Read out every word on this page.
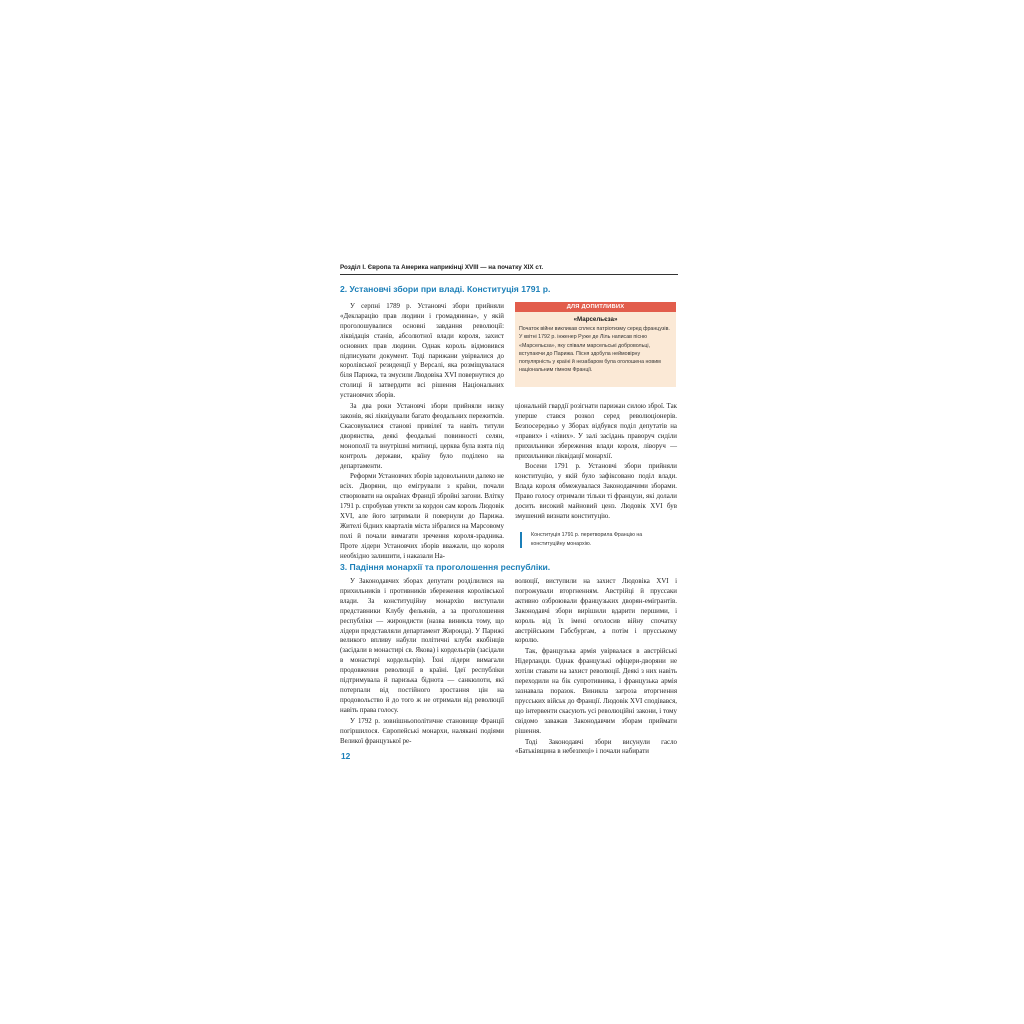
Розділ І. Європа та Америка наприкінці XVIII — на початку ХІХ ст.
2. Установчі збори при владі. Конституція 1791 р.

У серпні 1789 р. Установчі збори прийняли «Декларацію прав людини і громадянина», у якій проголошувалися основні завдання революції: ліквідація станів, абсолютної влади короля, захист основних прав людини. Однак король відмовився підписувати документ. Тоді парижани увірвалися до королівської резиденції у Версалі, яка розміщувалася біля Парижа, та змусили Людовіка XVI повернутися до столиці й затвердити всі рішення Національних установчих зборів.

За два роки Установчі збори прийняли низку законів, які ліквідували багато феодальних пережитків. Скасовувалися станові привілеї та навіть титули дворянства, деякі феодальні повинності селян, монополії та внутрішні митниці, церква була взята під контроль держави, країну було поділено на департаменти.

Реформи Установчих зборів задовольнили далеко не всіх. Дворяни, що емігрували з країни, почали створювати на окраїнах Франції збройні загони. Влітку 1791 р. спробував утекти за кордон сам король Людовік XVI, але його затримали й повернули до Парижа. Жителі бідних кварталів міста зібралися на Марсовому полі й почали вимагати зречення короля-зрадника. Проте лідери Установчих зборів вважали, що короля необхідно залишити, і наказали На-

ДЛЯ ДОПИТЛИВИХ
«Марсельєза»
Початок війни викликав сплеск патріотизму серед французів. У квітні 1792 р. інженер Руже де Ліль написав пісню «Марсельєза», яку співали марсельські добровольці, вступаючи до Парижа. Пісня здобула неймовірну популярність у країні й незабаром була оголошена новим національним гімном Франції.

ціональній гвардії розігнати парижан силою зброї. Так уперше стався розкол серед революціонерів. Безпосередньо у Зборах відбувся поділ депутатів на «правих» і «лівих». У залі засідань праворуч сиділи прихильники збереження влади короля, ліворуч — прихильники ліквідації монархії.

Восени 1791 р. Установчі збори прийняли конституцію, у якій було зафіксовано поділ влади. Влада короля обмежувалася Законодавчими зборами. Право голосу отримали тільки ті французи, які долали досить високий майновий ценз. Людовік XVI був змушений визнати конституцію.

Конституція 1791 р. перетворила Францію на конституційну монархію.
3. Падіння монархії та проголошення республіки.

У Законодавчих зборах депутати розділилися на прихильників і противників збереження королівської влади. За конституційну монархію виступали представники Клубу фельянів, а за проголошення республіки — жирондисти (назва виникла тому, що лідери представляли департамент Жиронда). У Парижі великого впливу набули політичні клуби якобінців (засідали в монастирі св. Якова) і кордельєрів (засідали в монастирі кордельєрів). Їхні лідери вимагали продовження революції в країні. Ідеї республіки підтримувала й паризька біднота — санкюлоти, які потерпали від постійного зростання цін на продовольство й до того ж не отримали від революції навіть права голосу.

У 1792 р. зовнішньополітичне становище Франції погіршилося. Європейські монархи, налякані подіями Великої французької ре-

волюції, виступили на захист Людовіка XVI і погрожували вторгненням. Австрійці й пруссаки активно озброювали французьких дворян-емігрантів. Законодавчі збори вирішили вдарити першими, і король від їх імені оголосив війну спочатку австрійським Габсбургам, а потім і прусському королю.

Так, французька армія увірвалася в австрійські Нідерланди. Однак французькі офіцери-дворяни не хотіли ставати на захист революції. Деякі з них навіть переходили на бік супротивника, і французька армія зазнавала поразок. Виникла загроза вторгнення прусських військ до Франції. Людовік XVI сподівався, що інтервенти скасують усі революційні закони, і тому свідомо заважав Законодавчим зборам приймати рішення.

Тоді Законодавчі збори висунули гасло «Батьківщина в небезпеці» і почали набирати

12
